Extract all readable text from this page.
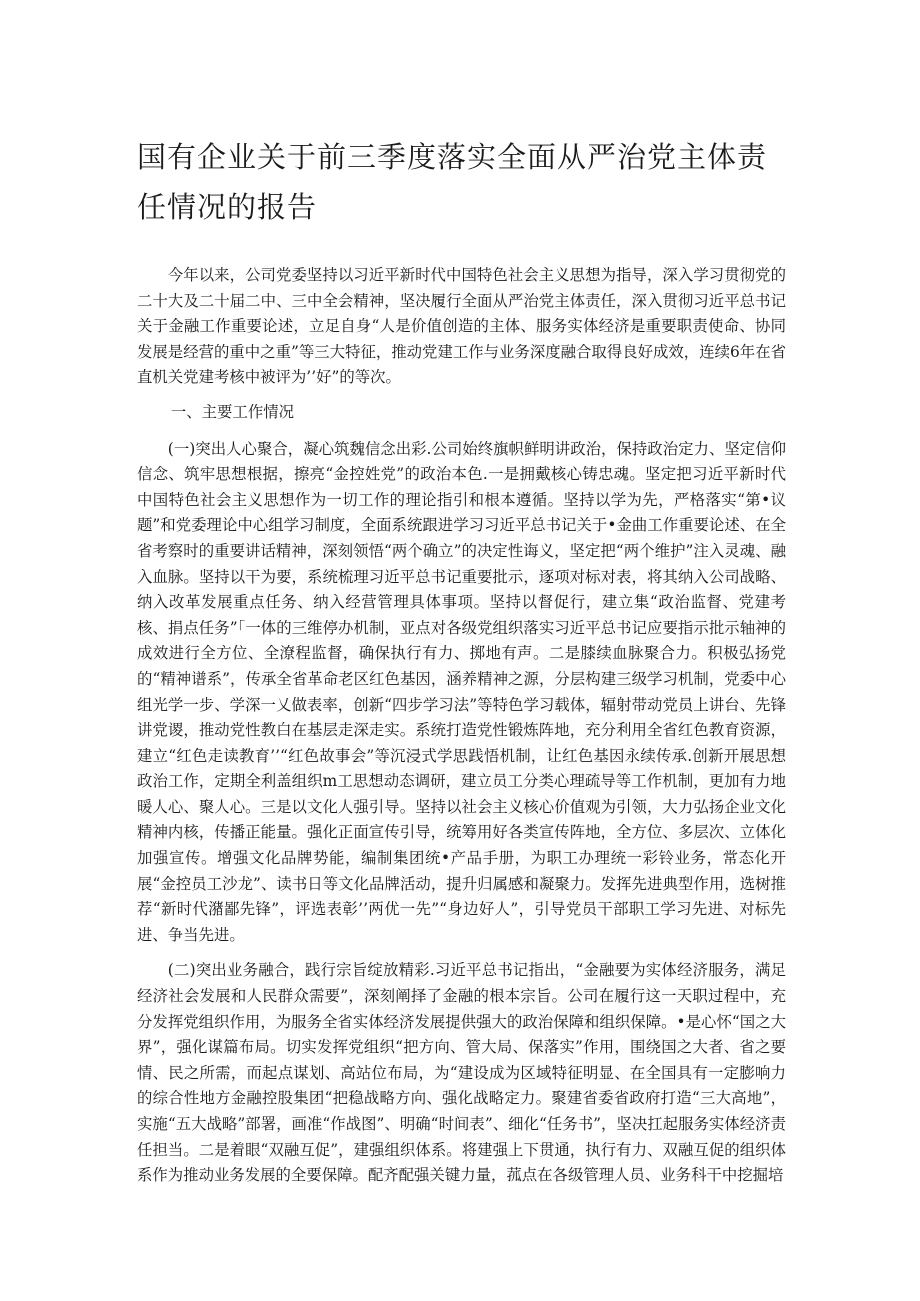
国有企业关于前三季度落实全面从严治党主体责任情况的报告

今年以来，公司党委坚持以习近平新时代中国特色社会主义思想为指导，深入学习贯彻党的二十大及二十届二中、三中全会精神，坚决履行全面从严治党主体责任，深入贯彻习近平总书记关于金融工作重要论述，立足自身“人是价值创造的主体、服务实体经济是重要职责使命、协同发展是经营的重中之重”等三大特征，推动党建工作与业务深度融合取得良好成效，连续6年在省直机关党建考核中被评为’’好”的等次。

一、主要工作情况

(一)突出人心聚合，凝心筑魏信念出彩.公司始终旗帜鲜明讲政治，保持政治定力、坚定信仰信念、筑牢思想根据，擦亮“金控姓党”的政治本色.一是拥戴核心铸忠魂。坚定把习近平新时代中国特色社会主义思想作为一切工作的理论指引和根本遵循。坚持以学为先，严格落实“第•议题”和党委理论中心组学习制度，全面系统跟进学习习近平总书记关于•金曲工作重要论述、在全省考察时的重要讲话精神，深刻领悟“两个确立”的决定性诲义，坚定把“两个维护”注入灵魂、融入血脉。坚持以干为要，系统梳理习近平总书记重要批示，逐项对标对表，将其纳入公司战略、纳入改革发展重点任务、纳入经营管理具体事项。坚持以督促行，建立集“政治监督、党建考核、捐点任务”「一体的三维停办机制，亚点对各级党组织落实习近平总书记应要指示批示轴神的成效进行全方位、全潦程监督，确保执行有力、掷地有声。二是膝续血脉聚合力。积极弘扬党的“精神谱系”，传承全省革命老区红色基因，涵养精神之源，分层构建三级学习机制，党委中心组光学一步、学深一乂做表率，创新“四步学习法”等特色学习载体，辐射带动党员上讲台、先锋讲党谡，推动党性教白在基层走深走实。系统打造党性锻炼阵地，充分利用全省红色教育资源，建立“红色走读教育’’“红色故事会”等沉浸式学思践悟机制，让红色基因永续传承.创新开展思想政治工作，定期全利盖组织m工思想动态调研，建立员工分类心理疏导等工作机制，更加有力地暖人心、聚人心。三是以文化人强引导。坚持以社会主义核心价值观为引领，大力弘扬企业文化精神内核，传播正能量。强化正面宣传引导，统筹用好各类宣传阵地，全方位、多层次、立体化加强宣传。增强文化品牌势能，编制集团统•产品手册，为职工办理统一彩铃业务，常态化开展“金控员工沙龙”、读书日等文化品牌活动，提升归属感和凝聚力。发挥先进典型作用，选树推荐“新时代潴鄙先锋”，评选表彰’’两优一先”“身边好人”，引导党员干部职工学习先进、对标先进、争当先进。

(二)突出业务融合，践行宗旨绽放精彩.习近平总书记指出，“金融要为实体经济服务，满足经济社会发展和人民群众需要”，深刻阐择了金融的根本宗旨。公司在履行这一天职过程中，充分发挥党组织作用，为服务全省实体经济发展提供强大的政治保障和组织保障。•是心怀“国之大界”，强化谋篇布局。切实发挥党组织“把方向、管大局、保落实”作用，围绕国之大者、省之要情、民之所需，而起点谋划、高站位布局，为“建设成为区域特征明显、在全国具有一定膨响力的综合性地方金融控股集团“把稳战略方向、强化战略定力。聚建省委省政府打造“三大高地”，实施“五大战略”部署，画准“作战图”、明确“时间表”、细化“任务书”，坚决扛起服务实体经济责任担当。二是着眼“双融互促”，建强组织体系。将建强上下贯通，执行有力、双融互促的组织体系作为推动业务发展的全要保障。配齐配强关键力量，菰点在各级管理人员、业务科干中挖掘培
